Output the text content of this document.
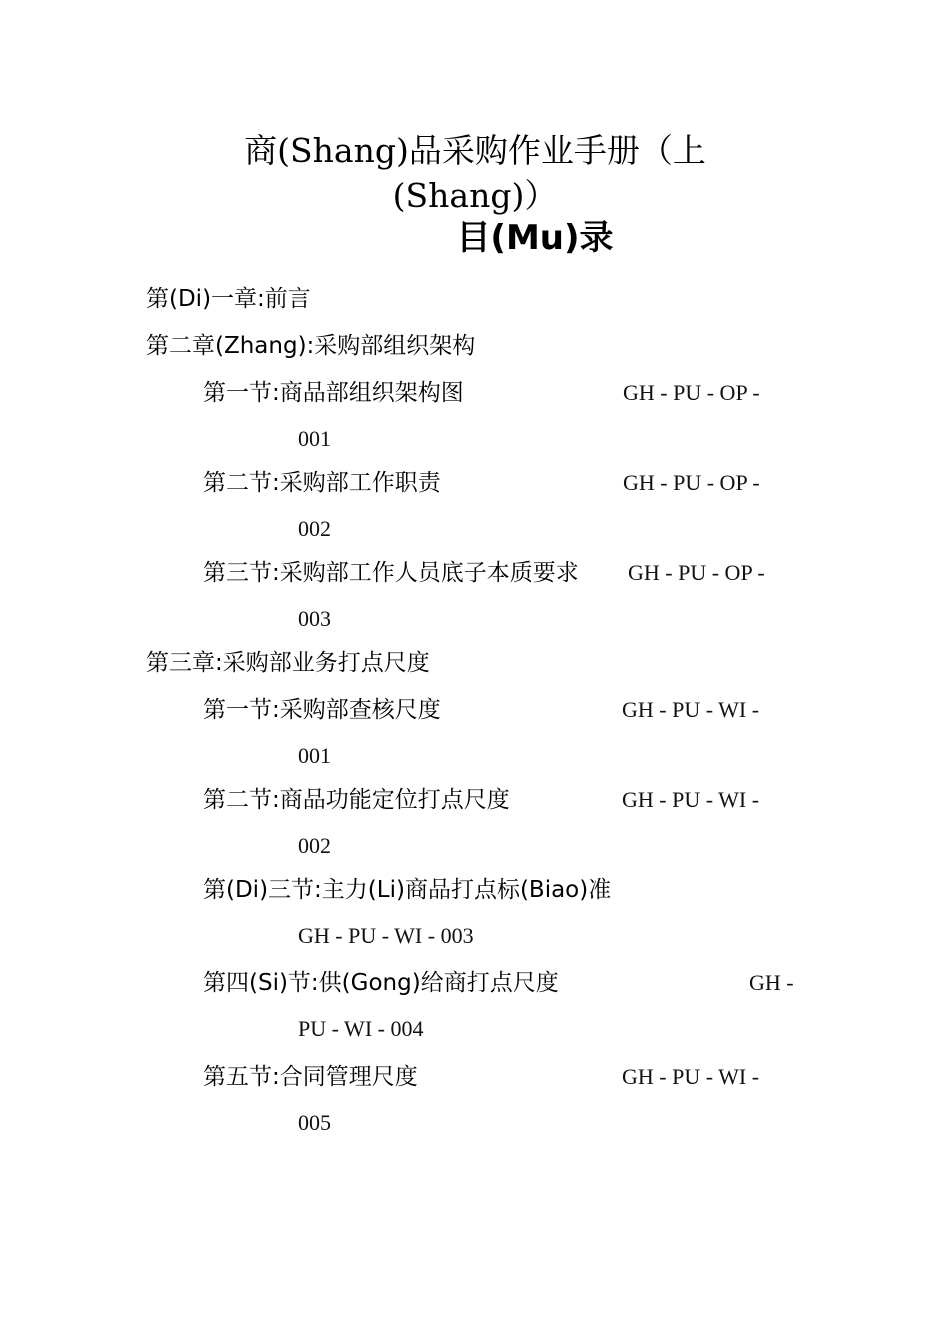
商(Shang)品采购作业手册（上
(Shang)）
目(Mu)录
第(Di)一章:前言
第二章(Zhang):采购部组织架构
第一节:商品部组织架构图	GH - PU - OP -
001
第二节:采购部工作职责	GH - PU - OP -
002
第三节:采购部工作人员底子本质要求 GH - PU - OP -
003
第三章:采购部业务打点尺度
第一节:采购部查核尺度	GH - PU - WI -
001
第二节:商品功能定位打点尺度	GH - PU - WI -
002
第(Di)三节:主力(Li)商品打点标(Biao)准
GH - PU - WI - 003
第四(Si)节:供(Gong)给商打点尺度	GH -
PU - WI - 004
第五节:合同管理尺度	GH - PU - WI -
005
